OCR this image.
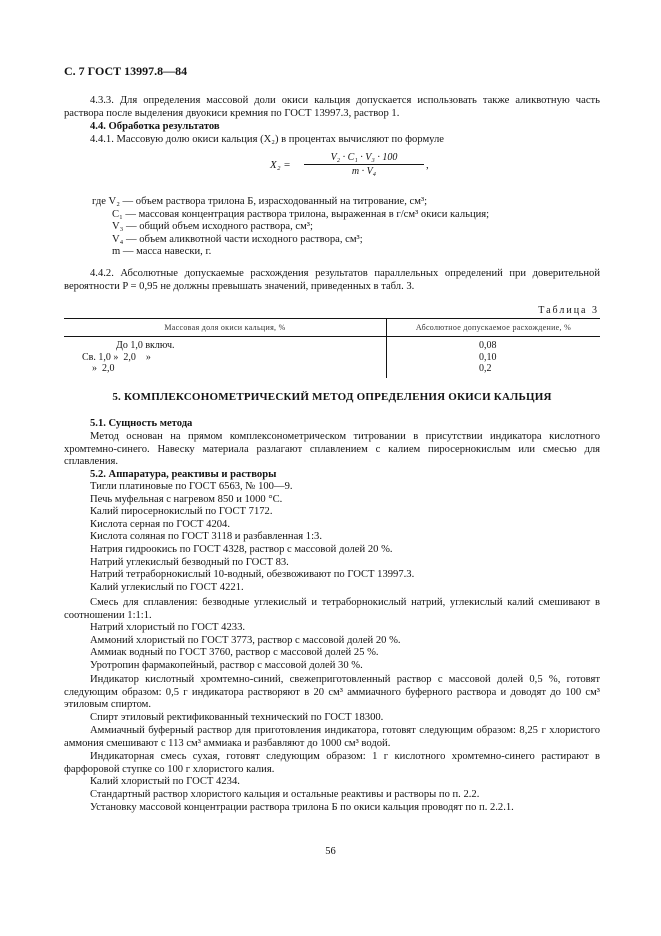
С. 7 ГОСТ 13997.8—84
4.3.3. Для определения массовой доли окиси кальция допускается использовать также аликвотную часть раствора после выделения двуокиси кремния по ГОСТ 13997.3, раствор 1.
4.4. Обработка результатов
4.4.1. Массовую долю окиси кальция (X₂) в процентах вычисляют по формуле
$X_2 = \frac{\text{V₂ · C₁ · V₃ · 100}}{\text{m · V₄}}$ ,
где V₂ — объем раствора трилона Б, израсходованный на титрование, см³;
C₁ — массовая концентрация раствора трилона, выраженная в г/см³ окиси кальция;
V₃ — общий объем исходного раствора, см³;
V₄ — объем аликвотной части исходного раствора, см³;
m — масса навески, г.
4.4.2. Абсолютные допускаемые расхождения результатов параллельных определений при доверительной вероятности P = 0,95 не должны превышать значений, приведенных в табл. 3.
Таблица 3
Массовая доля окиси кальция, %	Абсолютное допускаемое расхождение, %
До 1,0 включ.	0,08
Св. 1,0 »  2,0    »	0,10
»  2,0	0,2
5. КОМПЛЕКСОНОМЕТРИЧЕСКИЙ МЕТОД ОПРЕДЕЛЕНИЯ ОКИСИ КАЛЬЦИЯ
5.1. Сущность метода
Метод основан на прямом комплексонометрическом титровании в присутствии индикатора кислотного хромтемно-синего. Навеску материала разлагают сплавлением с калием пиросернокислым или смесью для сплавления.
5.2. Аппаратура, реактивы и растворы
Тигли платиновые по ГОСТ 6563, № 100—9.
Печь муфельная с нагревом 850 и 1000 °С.
Калий пиросернокислый по ГОСТ 7172.
Кислота серная по ГОСТ 4204.
Кислота соляная по ГОСТ 3118 и разбавленная 1:3.
Натрия гидроокись по ГОСТ 4328, раствор с массовой долей 20 %.
Натрий углекислый безводный по ГОСТ 83.
Натрий тетраборнокислый 10-водный, обезвоживают по ГОСТ 13997.3.
Калий углекислый по ГОСТ 4221.
Смесь для сплавления: безводные углекислый и тетраборнокислый натрий, углекислый калий смешивают в соотношении 1:1:1.
Натрий хлористый по ГОСТ 4233.
Аммоний хлористый по ГОСТ 3773, раствор с массовой долей 20 %.
Аммиак водный по ГОСТ 3760, раствор с массовой долей 25 %.
Уротропин фармакопейный, раствор с массовой долей 30 %.
Индикатор кислотный хромтемно-синий, свежеприготовленный раствор с массовой долей 0,5 %, готовят следующим образом: 0,5 г индикатора растворяют в 20 см³ аммиачного буферного раствора и доводят до 100 см³ этиловым спиртом.
Спирт этиловый ректификованный технический по ГОСТ 18300.
Аммиачный буферный раствор для приготовления индикатора, готовят следующим образом: 8,25 г хлористого аммония смешивают с 113 см³ аммиака и разбавляют до 1000 см³ водой.
Индикаторная смесь сухая, готовят следующим образом: 1 г кислотного хромтемно-синего растирают в фарфоровой ступке со 100 г хлористого калия.
Калий хлористый по ГОСТ 4234.
Стандартный раствор хлористого кальция и остальные реактивы и растворы по п. 2.2.
Установку массовой концентрации раствора трилона Б по окиси кальция проводят по п. 2.2.1.
56
